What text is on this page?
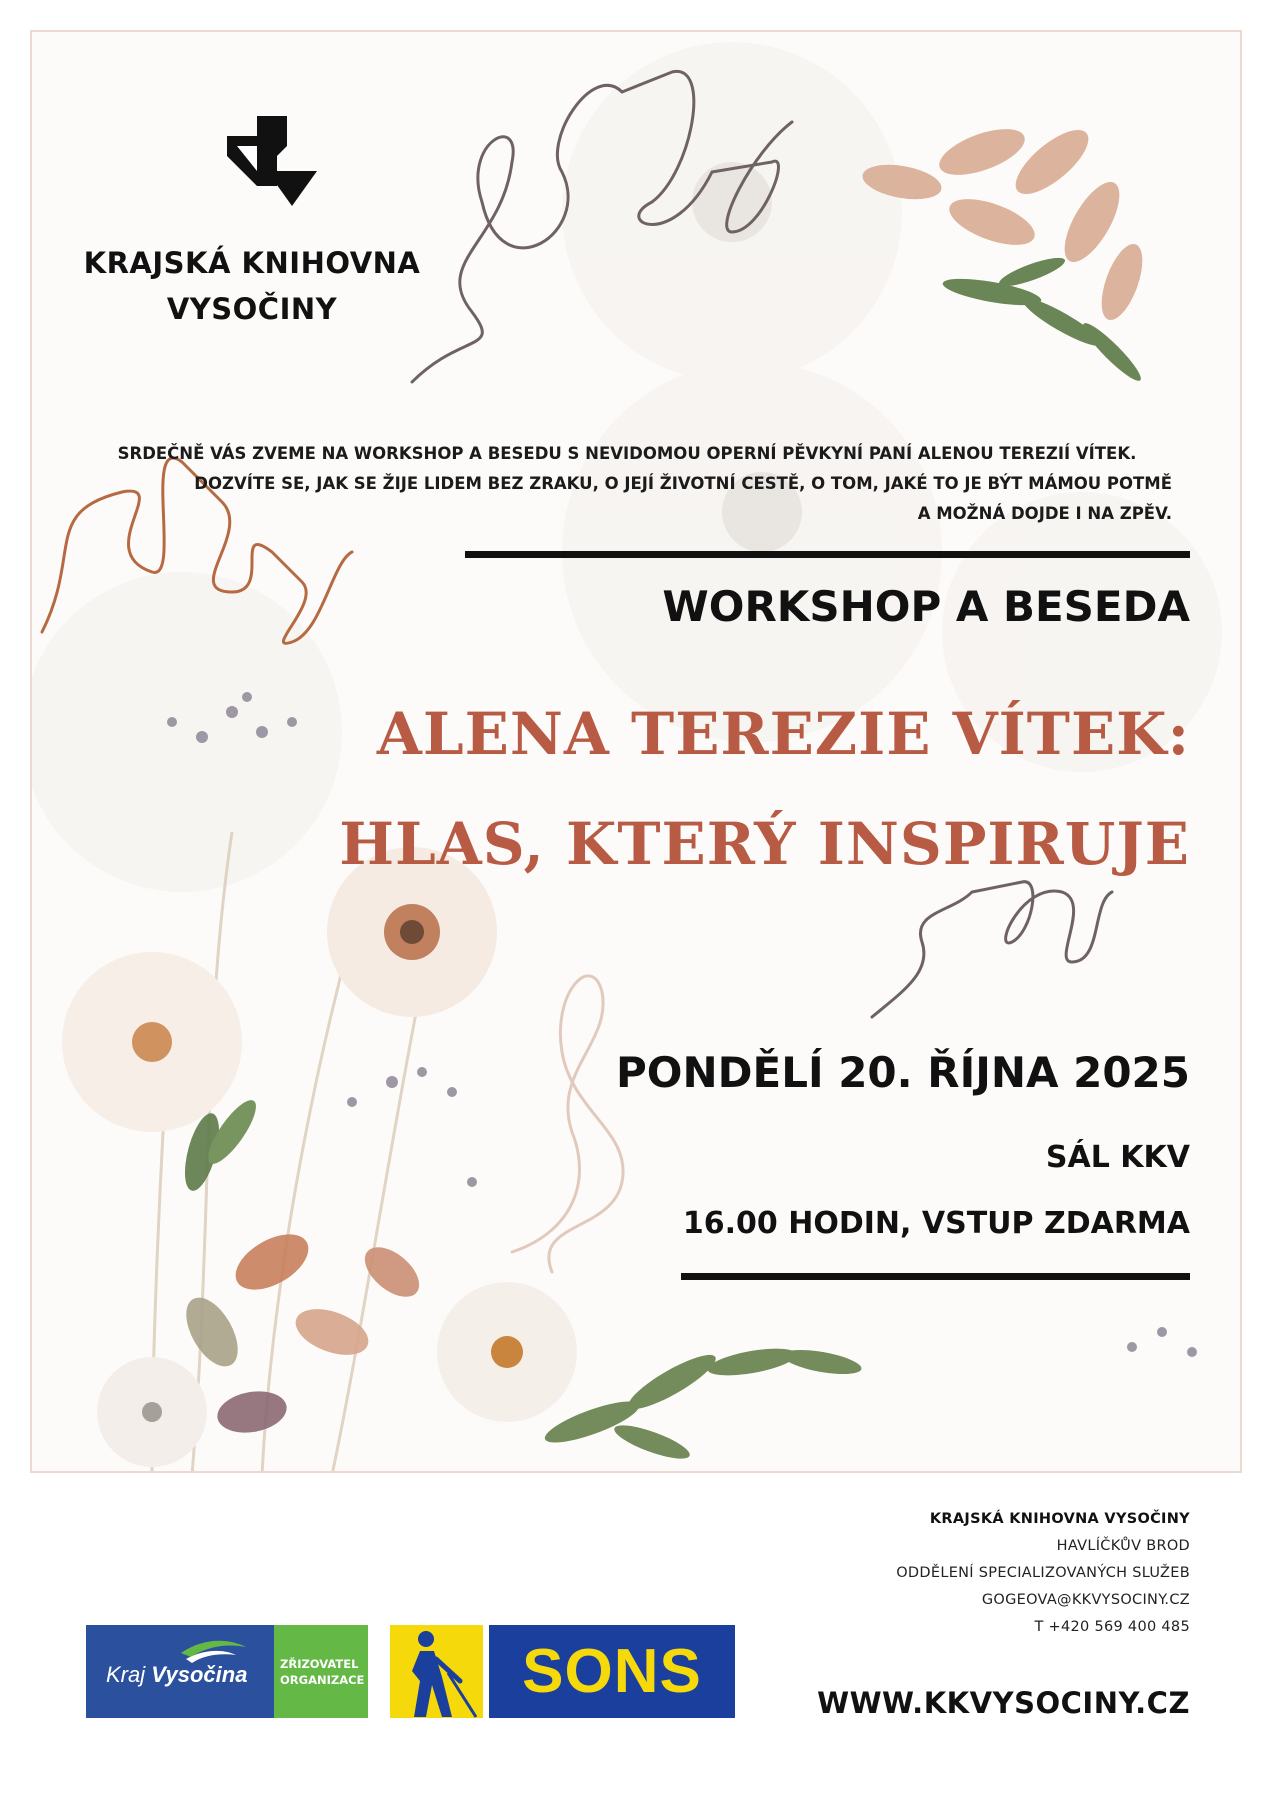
KRAJSKÁ KNIHOVNA
VYSOČINY
SRDEČNĚ VÁS ZVEME NA WORKSHOP A BESEDU S NEVIDOMOU OPERNÍ PĚVKYNÍ PANÍ ALENOU TEREZIÍ VÍTEK.
DOZVÍTE SE, JAK SE ŽIJE LIDEM BEZ ZRAKU, O JEJÍ ŽIVOTNÍ CESTĚ, O TOM, JAKÉ TO JE BÝT MÁMOU POTMĚ
A MOŽNÁ DOJDE I NA ZPĚV.
WORKSHOP A BESEDA
ALENA TEREZIE VÍTEK:
HLAS, KTERÝ INSPIRUJE
PONDĚLÍ 20. ŘÍJNA 2025
SÁL KKV
16.00 HODIN, VSTUP ZDARMA
KRAJSKÁ KNIHOVNA VYSOČINY
HAVLÍČKŮV BROD
ODDĚLENÍ SPECIALIZOVANÝCH SLUŽEB
GOGEOVA@KKVYSOCINY.CZ
T +420 569 400 485
WWW.KKVYSOCINY.CZ
Kraj Vysočina	ZŘIZOVATEL
ORGANIZACE	SONS
